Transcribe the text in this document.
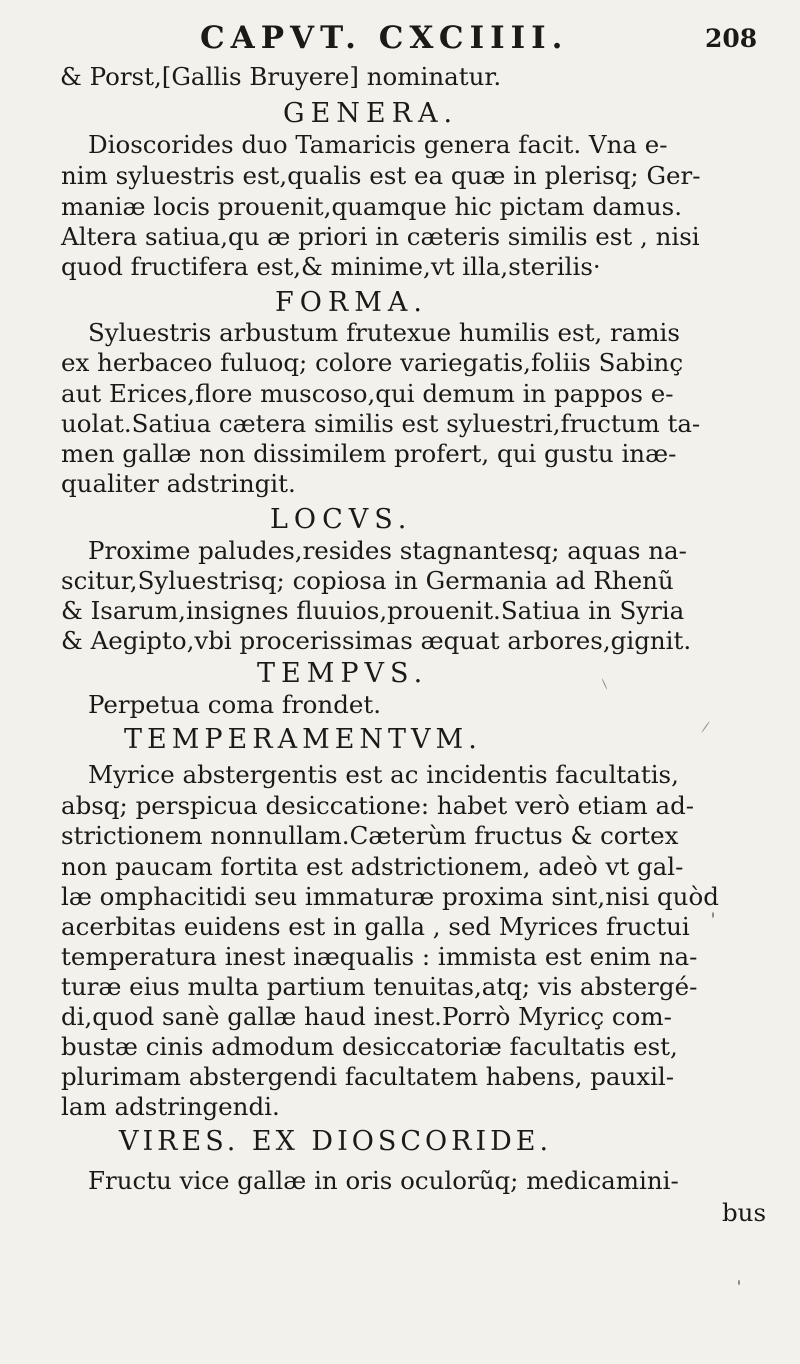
CAPVT. CXCIIII.	208
& Porst,[Gallis Bruyere] nominatur.
GENERA.
Dioscorides duo Tamaricis genera facit. Vna e-
nim syluestris est,qualis est ea quæ in plerisq; Ger-
maniæ locis prouenit,quamque hic pictam damus.
Altera satiua,qu æ priori in cæteris similis est , nisi
quod fructifera est,& minime,vt illa,sterilis·
FORMA.
Syluestris arbustum frutexue humilis est, ramis
ex herbaceo fuluoq; colore variegatis,foliis Sabinç
aut Erices,flore muscoso,qui demum in pappos e-
uolat.Satiua cætera similis est syluestri,fructum ta-
men gallæ non dissimilem profert, qui gustu inæ-
qualiter adstringit.
LOCVS.
Proxime paludes,resides stagnantesq; aquas na-
scitur,Syluestrisq; copiosa in Germania ad Rhenũ
& Isarum,insignes fluuios,prouenit.Satiua in Syria
& Aegipto,vbi procerissimas æquat arbores,gignit.
TEMPVS.
Perpetua coma frondet.
TEMPERAMENTVM.
Myrice abstergentis est ac incidentis facultatis,
absq; perspicua desiccatione: habet verò etiam ad-
strictionem nonnullam.Cæterùm fructus & cortex
non paucam fortita est adstrictionem, adeò vt gal-
læ omphacitidi seu immaturæ proxima sint,nisi quòd
acerbitas euidens est in galla , sed Myrices fructui
temperatura inest inæqualis : immista est enim na-
turæ eius multa partium tenuitas,atq; vis abstergé-
di,quod sanè gallæ haud inest.Porrò Myricç com-
bustæ cinis admodum desiccatoriæ facultatis est,
plurimam abstergendi facultatem habens, pauxil-
lam adstringendi.
VIRES. EX DIOSCORIDE.
Fructu vice gallæ in oris oculorũq; medicamini-
bus
